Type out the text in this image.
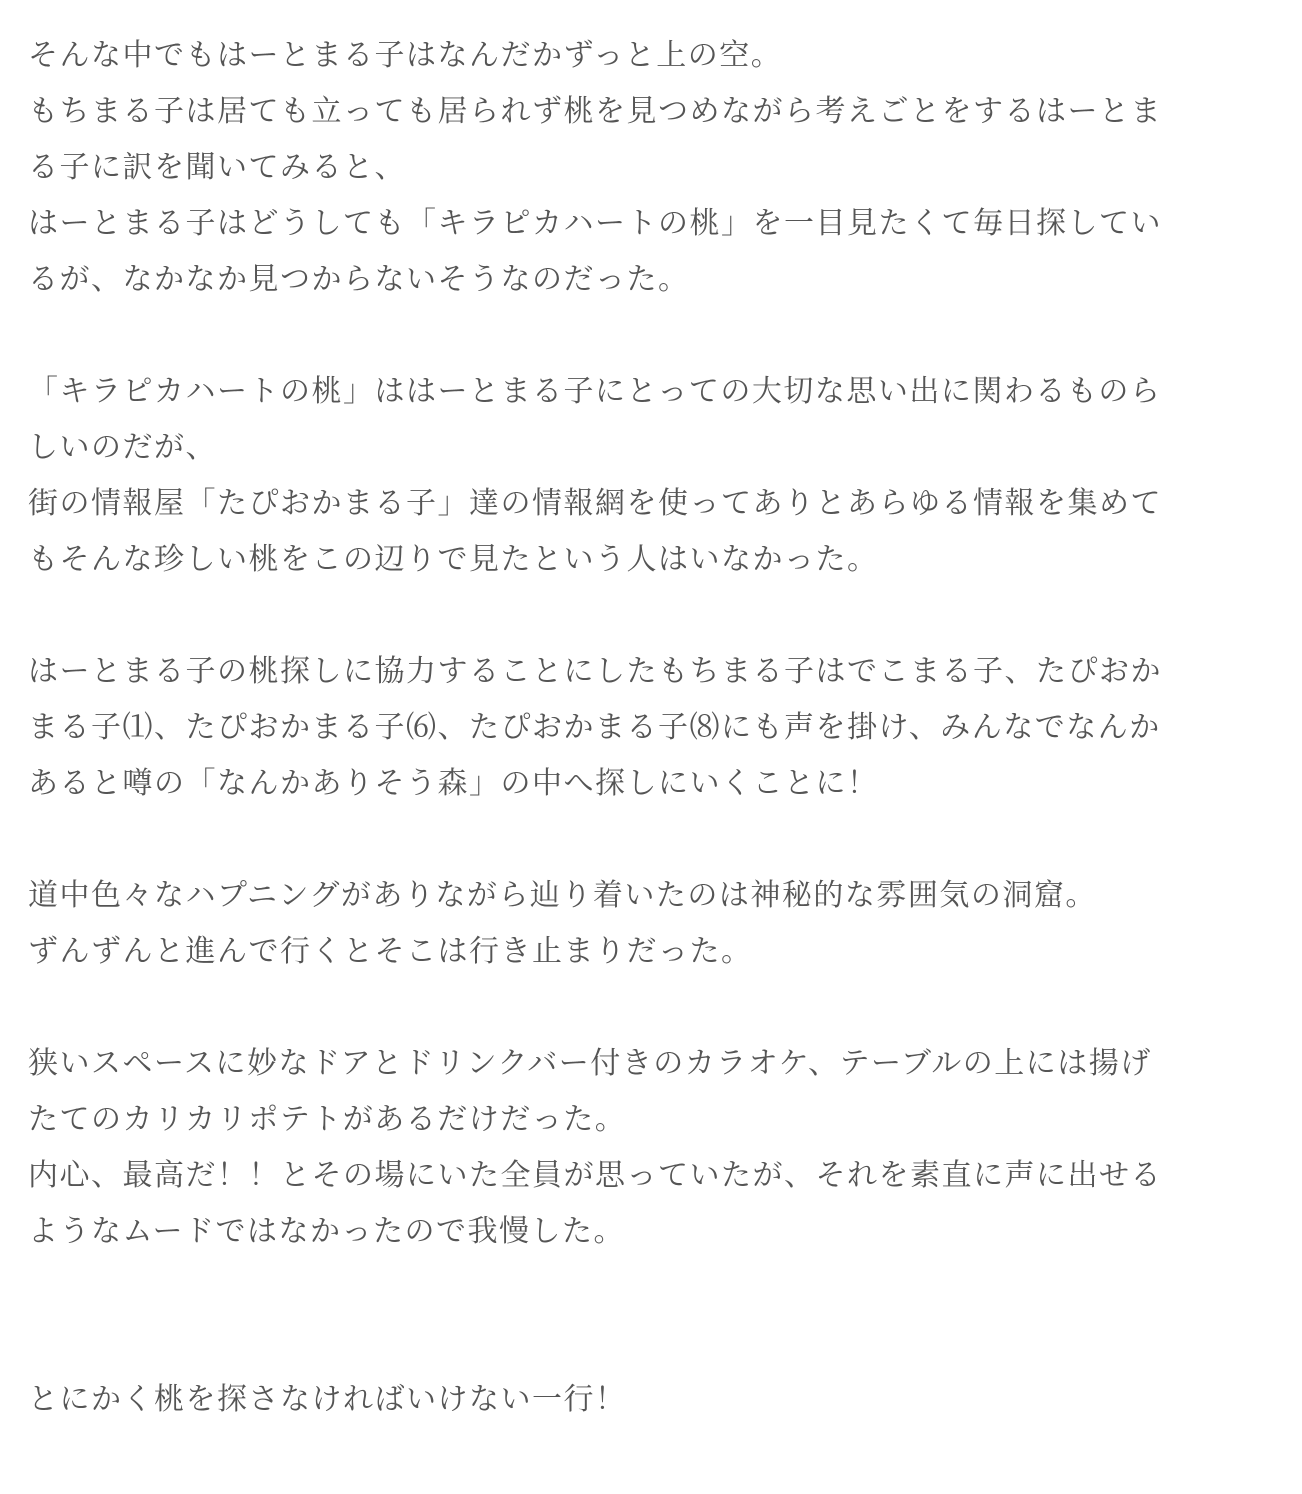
そんな中でもはーとまる子はなんだかずっと上の空。
もちまる子は居ても立っても居られず桃を見つめながら考えごとをするはーとま
る子に訳を聞いてみると、
はーとまる子はどうしても「キラピカハートの桃」を一目見たくて毎日探してい
るが、なかなか見つからないそうなのだった。
「キラピカハートの桃」ははーとまる子にとっての大切な思い出に関わるものら
しいのだが、
街の情報屋「たぴおかまる子」達の情報網を使ってありとあらゆる情報を集めて
もそんな珍しい桃をこの辺りで見たという人はいなかった。
はーとまる子の桃探しに協力することにしたもちまる子はでこまる子、たぴおか
まる子⑴、たぴおかまる子⑹、たぴおかまる子⑻にも声を掛け、みんなでなんか
あると噂の「なんかありそう森」の中へ探しにいくことに！
道中色々なハプニングがありながら辿り着いたのは神秘的な雰囲気の洞窟。
ずんずんと進んで行くとそこは行き止まりだった。
狭いスペースに妙なドアとドリンクバー付きのカラオケ、テーブルの上には揚げ
たてのカリカリポテトがあるだけだった。
内心、最高だ！！とその場にいた全員が思っていたが、それを素直に声に出せる
ようなムードではなかったので我慢した。
とにかく桃を探さなければいけない一行！
